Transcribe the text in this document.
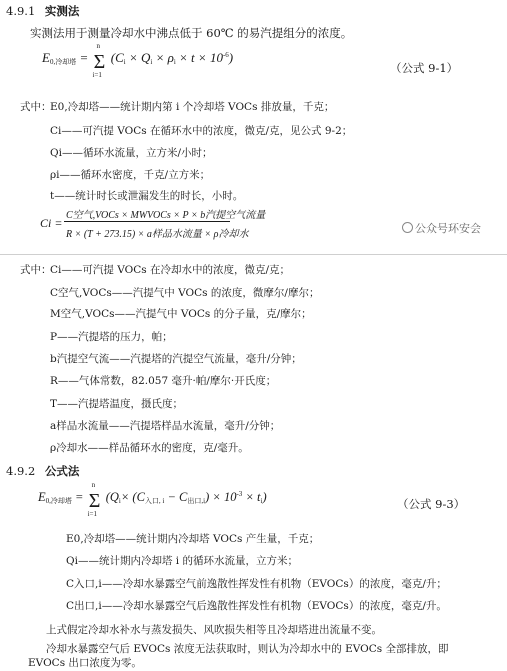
4.9.1 实测法
实测法用于测量冷却水中沸点低于 60℃ 的易汽提组分的浓度。
$E_{0,冷却塔}$ =
n
Σ
i=1
$(C_i \times Q_i \times \rho_i \times t \times 10^{-6})$
（公式 9-1）
式中：
E0,冷却塔——统计期内第 i 个冷却塔 VOCs 排放量，千克；
Ci——可汽提 VOCs 在循环水中的浓度，微克/克，见公式 9-2；
Qi——循环水流量，立方米/小时；
ρi——循环水密度，千克/立方米；
t——统计时长或泄漏发生的时长，小时。
Ci =
C空气,VOCs × MWVOCs × P × b汽提空气流量
R × (T + 273.15) × a样品水流量 × ρ冷却水	公众号环安会
式中：
Ci——可汽提 VOCs 在冷却水中的浓度，微克/克；
C空气,VOCs——汽提气中 VOCs 的浓度，微摩尔/摩尔；
M空气,VOCs——汽提气中 VOCs 的分子量，克/摩尔；
P——汽提塔的压力，帕；
b汽提空气流——汽提塔的汽提空气流量，毫升/分钟；
R——气体常数，82.057 毫升·帕/摩尔·开氏度；
T——汽提塔温度，摄氏度；
a样品水流量——汽提塔样品水流量，毫升/分钟；
ρ冷却水——样品循环水的密度，克/毫升。
4.9.2 公式法
$E_{0,冷却塔}$ =
n
Σ
i=1
$(Q_i\times (C_{入口, i} - C_{出口,i}) \times 10^{-3} \times t_i)$	（公式 9-3）
E0,冷却塔——统计期内冷却塔 VOCs 产生量，千克；
Qi——统计期内冷却塔 i 的循环水流量，立方米；
C入口,i——冷却水暴露空气前逸散性挥发性有机物（EVOCs）的浓度，毫克/升；
C出口,i——冷却水暴露空气后逸散性挥发性有机物（EVOCs）的浓度，毫克/升。
上式假定冷却水补水与蒸发损失、风吹损失相等且冷却塔进出流量不变。
冷却水暴露空气后 EVOCs 浓度无法获取时，则认为冷却水中的 EVOCs 全部排放，即
EVOCs 出口浓度为零。
